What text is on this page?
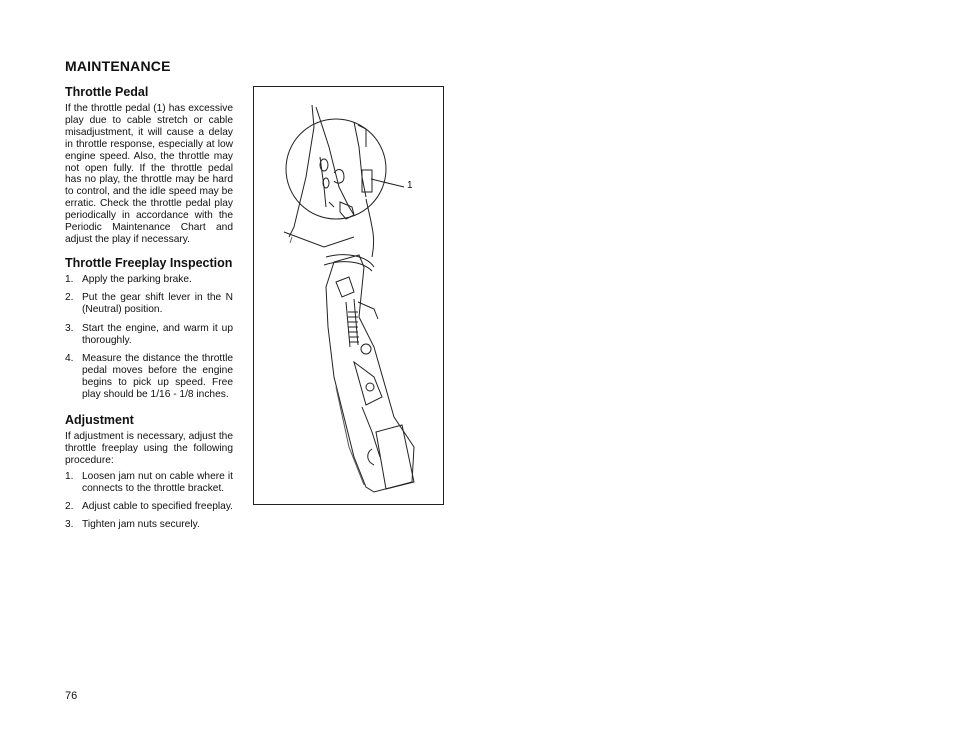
MAINTENANCE
Throttle Pedal

If the throttle pedal (1) has excessive play due to cable stretch or cable misadjustment, it will cause a delay in throttle response, especially at low engine speed. Also, the throttle may not open fully. If the throttle pedal has no play, the throttle may be hard to control, and the idle speed may be erratic. Check the throttle pedal play periodically in accordance with the Periodic Maintenance Chart and adjust the play if necessary.

Throttle Freeplay Inspection
1. Apply the parking brake.
2. Put the gear shift lever in the N (Neutral) position.
3. Start the engine, and warm it up thoroughly.
4. Measure the distance the throttle pedal moves before the engine begins to pick up speed. Free play should be 1/16 - 1/8 inches.
Adjustment

If adjustment is necessary, adjust the throttle freeplay using the following procedure:

1. Loosen jam nut on cable where it connects to the throttle bracket.
2. Adjust cable to specified freeplay.
3. Tighten jam nuts securely.
1
76
